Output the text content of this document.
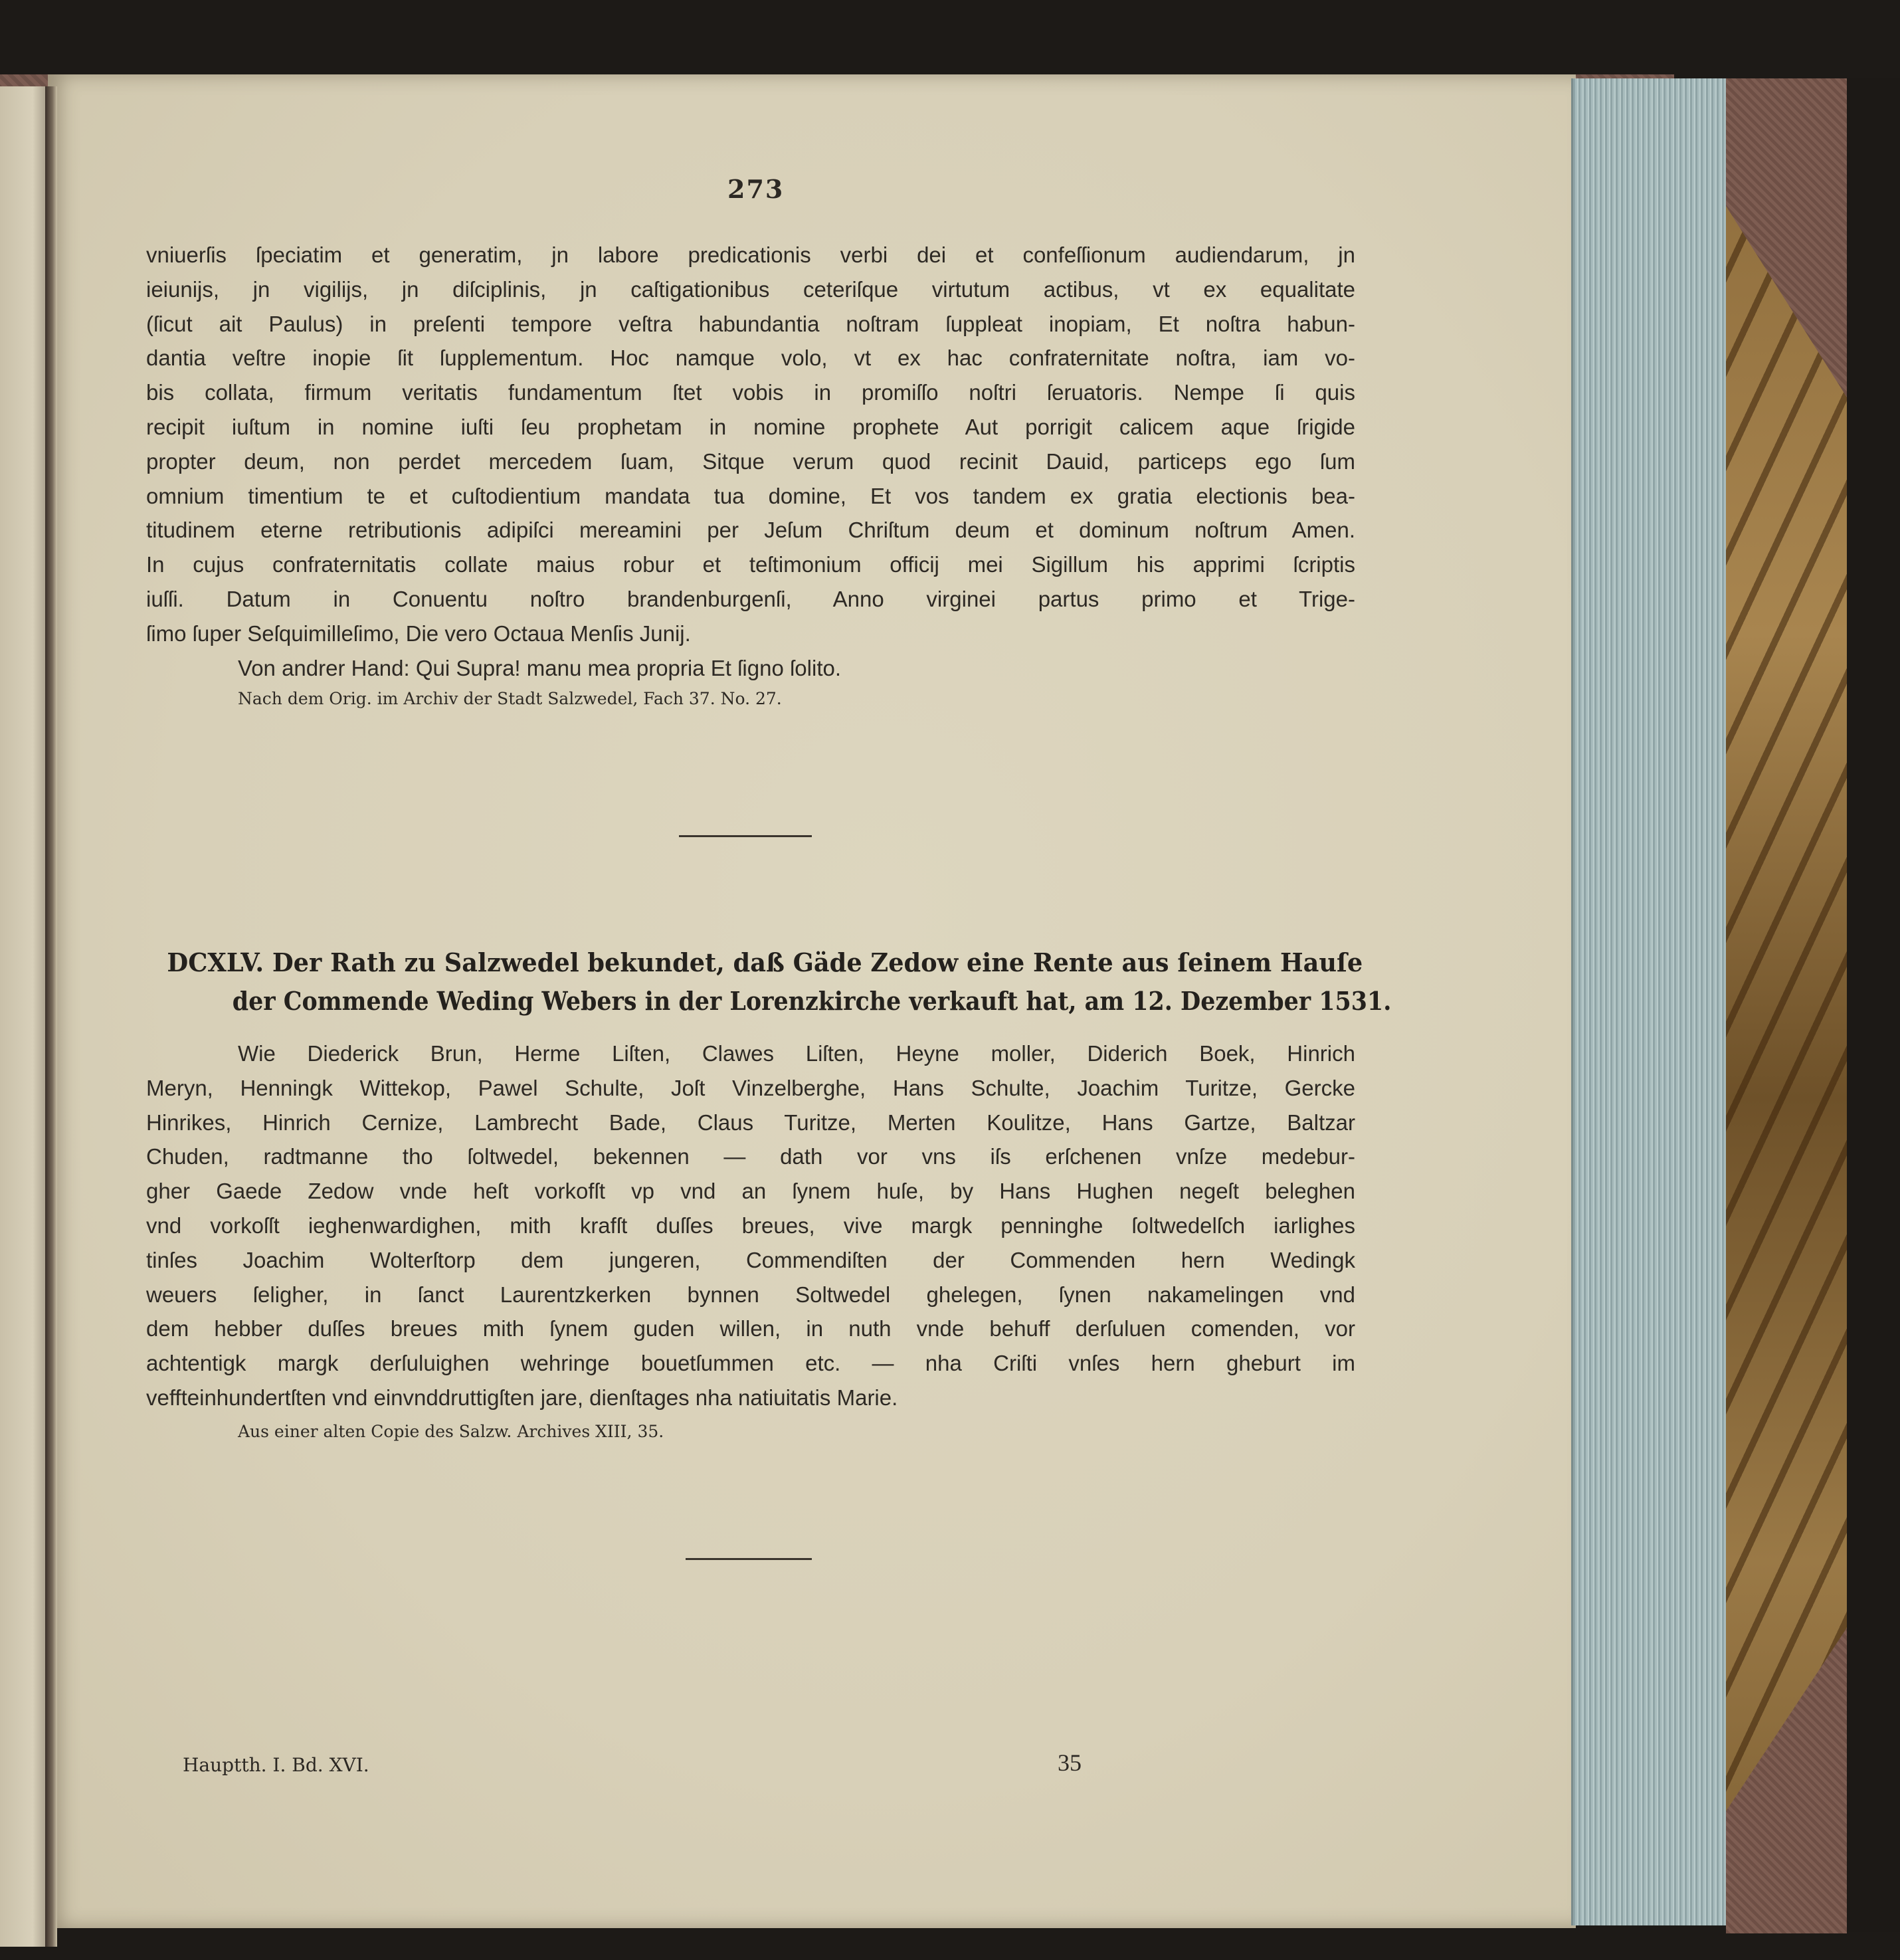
273
vniuerſis ſpeciatim et generatim, jn labore predicationis verbi dei et confeſſionum audiendarum, jn
ieiunijs, jn vigilijs, jn diſciplinis, jn caſtigationibus ceteriſque virtutum actibus, vt ex equalitate
(ſicut ait Paulus) in preſenti tempore veſtra habundantia noſtram ſuppleat inopiam, Et noſtra habun-
dantia veſtre inopie ſit ſupplementum. Hoc namque volo, vt ex hac confraternitate noſtra, iam vo-
bis collata, firmum veritatis fundamentum ſtet vobis in promiſſo noſtri ſeruatoris. Nempe ſi quis
recipit iuſtum in nomine iuſti ſeu prophetam in nomine prophete Aut porrigit calicem aque ſrigide
propter deum, non perdet mercedem ſuam, Sitque verum quod recinit Dauid, particeps ego ſum
omnium timentium te et cuſtodientium mandata tua domine, Et vos tandem ex gratia electionis bea-
titudinem eterne retributionis adipiſci mereamini per Jeſum Chriſtum deum et dominum noſtrum Amen.
In cujus confraternitatis collate maius robur et teſtimonium officij mei Sigillum his apprimi ſcriptis
iuſſi. Datum in Conuentu noſtro brandenburgenſi, Anno virginei partus primo et Trige-
ſimo ſuper Seſquimilleſimo, Die vero Octaua Menſis Junij.
Von andrer Hand: Qui Supra! manu mea propria Et ſigno ſolito.
Nach dem Orig. im Archiv der Stadt Salzwedel, Fach 37. No. 27.
DCXLV. Der Rath zu Salzwedel bekundet, daß Gäde Zedow eine Rente aus ſeinem Hauſe
der Commende Weding Webers in der Lorenzkirche verkauft hat, am 12. Dezember 1531.
Wie Diederick Brun, Herme Liſten, Clawes Liſten, Heyne moller, Diderich Boek, Hinrich
Meryn, Henningk Wittekop, Pawel Schulte, Joſt Vinzelberghe, Hans Schulte, Joachim Turitze, Gercke
Hinrikes, Hinrich Cernize, Lambrecht Bade, Claus Turitze, Merten Koulitze, Hans Gartze, Baltzar
Chuden, radtmanne tho ſoltwedel, bekennen — dath vor vns iſs erſchenen vnſze medebur-
gher Gaede Zedow vnde heſt vorkofſt vp vnd an ſynem huſe, by Hans Hughen negeſt beleghen
vnd vorkoſſt ieghenwardighen, mith krafſt duſſes breues, vive margk penninghe ſoltwedelſch iarlighes
tinſes Joachim Wolterſtorp dem jungeren, Commendiſten der Commenden hern Wedingk
weuers ſeligher, in ſanct Laurentzkerken bynnen Soltwedel ghelegen, ſynen nakamelingen vnd
dem hebber duſſes breues mith ſynem guden willen, in nuth vnde behuff derſuluen comenden, vor
achtentigk margk derſuluighen wehringe bouetſummen etc. — nha Criſti vnſes hern gheburt im
veffteinhundertſten vnd einvnddruttigſten jare, dienſtages nha natiuitatis Marie.
Aus einer alten Copie des Salzw. Archives XIII, 35.
Hauptth. I. Bd. XVI.	35
